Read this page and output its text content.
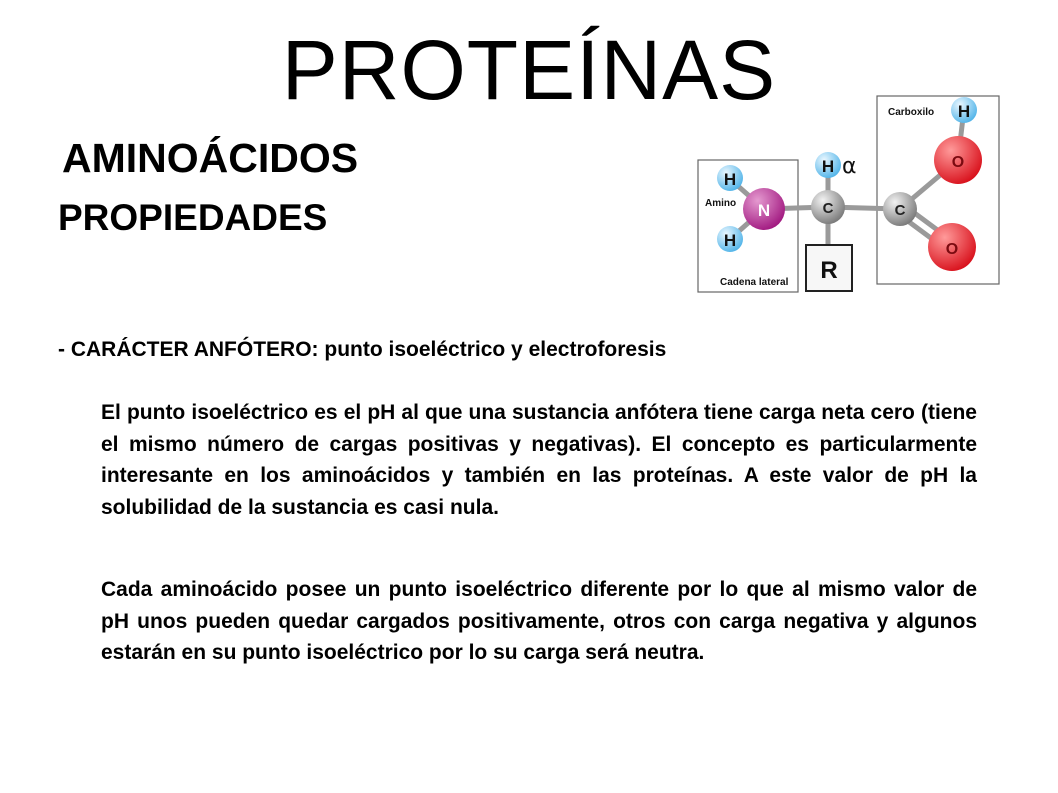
PROTEÍNAS
AMINOÁCIDOS
PROPIEDADES
- CARÁCTER ANFÓTERO: punto isoeléctrico y electroforesis
El punto isoeléctrico es el pH al que una sustancia anfótera tiene carga neta cero (tiene el mismo número de cargas positivas y negativas). El concepto es particularmente interesante en los aminoácidos y también en las proteínas. A este valor de pH la solubilidad de la sustancia es casi nula.
Cada aminoácido posee un punto isoeléctrico diferente por lo que al mismo valor de pH unos pueden quedar cargados positivamente, otros con carga negativa y algunos estarán en su punto isoeléctrico por lo su carga será neutra.
R
H
H
N
H
C	C
H
O
O
α
Amino
Carboxilo
Cadena lateral
